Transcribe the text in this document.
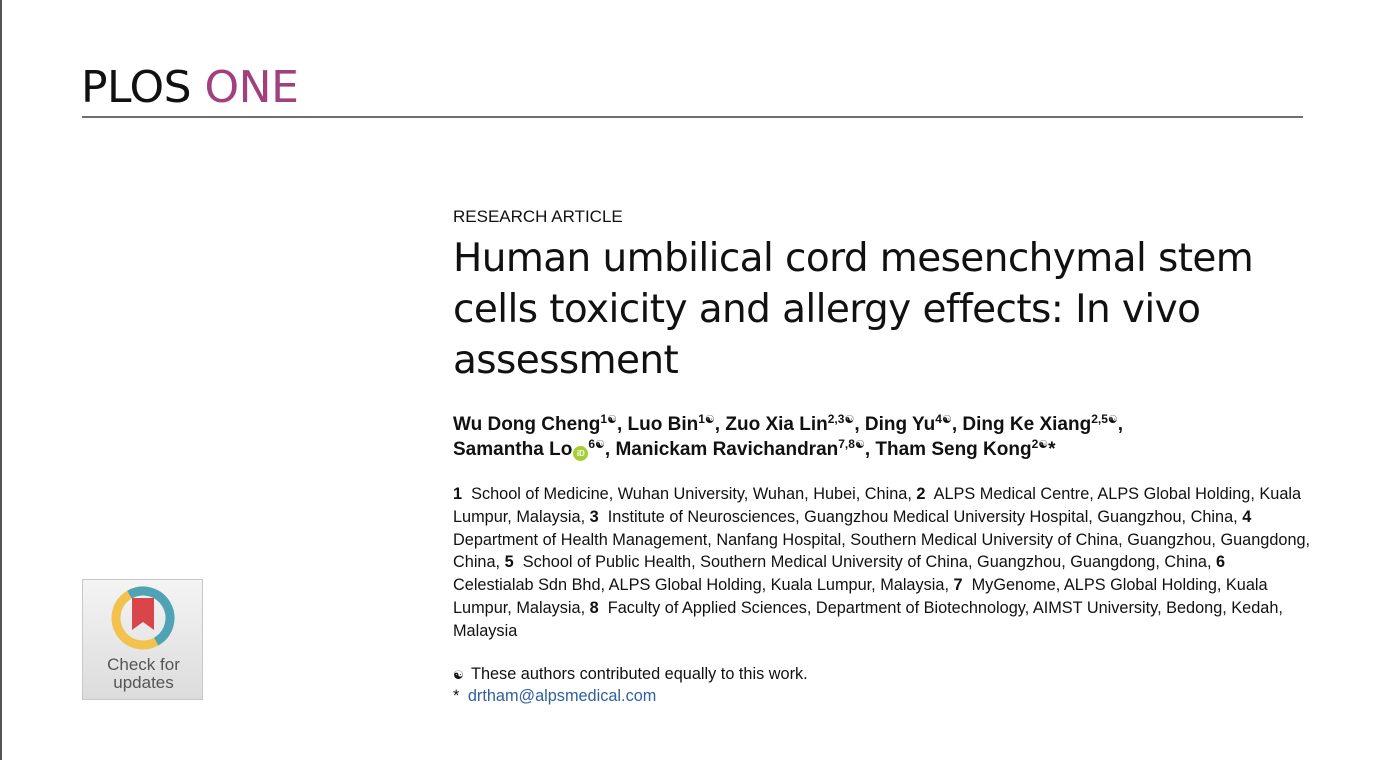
PLOS ONE
RESEARCH ARTICLE
Human umbilical cord mesenchymal stem cells toxicity and allergy effects: In vivo assessment

Wu Dong Cheng$^{1☯}$, Luo Bin$^{1☯}$, Zuo Xia Lin$^{2,3☯}$, Ding $Yu^{4☯}$, Ding Ke Xiang$^{2,5☯}$,
Samantha Lo $iD^{6☯}$, Manickam Ravichandran$^{7,8☯}$, Tham Seng Kong$^{2☯}$*

1 School of Medicine, Wuhan University, Wuhan, Hubei, China, 2 ALPS Medical Centre, ALPS Global Holding, Kuala Lumpur, Malaysia, 3 Institute of Neurosciences, Guangzhou Medical University Hospital, Guangzhou, China, 4  Department of Health Management, Nanfang Hospital, Southern Medical University of China, Guangzhou, Guangdong, China, 5 School of Public Health, Southern Medical University of China, Guangzhou, Guangdong, China, 6  Celestialab Sdn Bhd, ALPS Global Holding, Kuala Lumpur, Malaysia, 7 MyGenome, ALPS Global Holding, Kuala Lumpur, Malaysia, 8 Faculty of Applied Sciences, Department of Biotechnology, AIMST University, Bedong, Kedah, Malaysia

☯ These authors contributed equally to this work.
* drtham@alpsmedical.com
Check for
updates
